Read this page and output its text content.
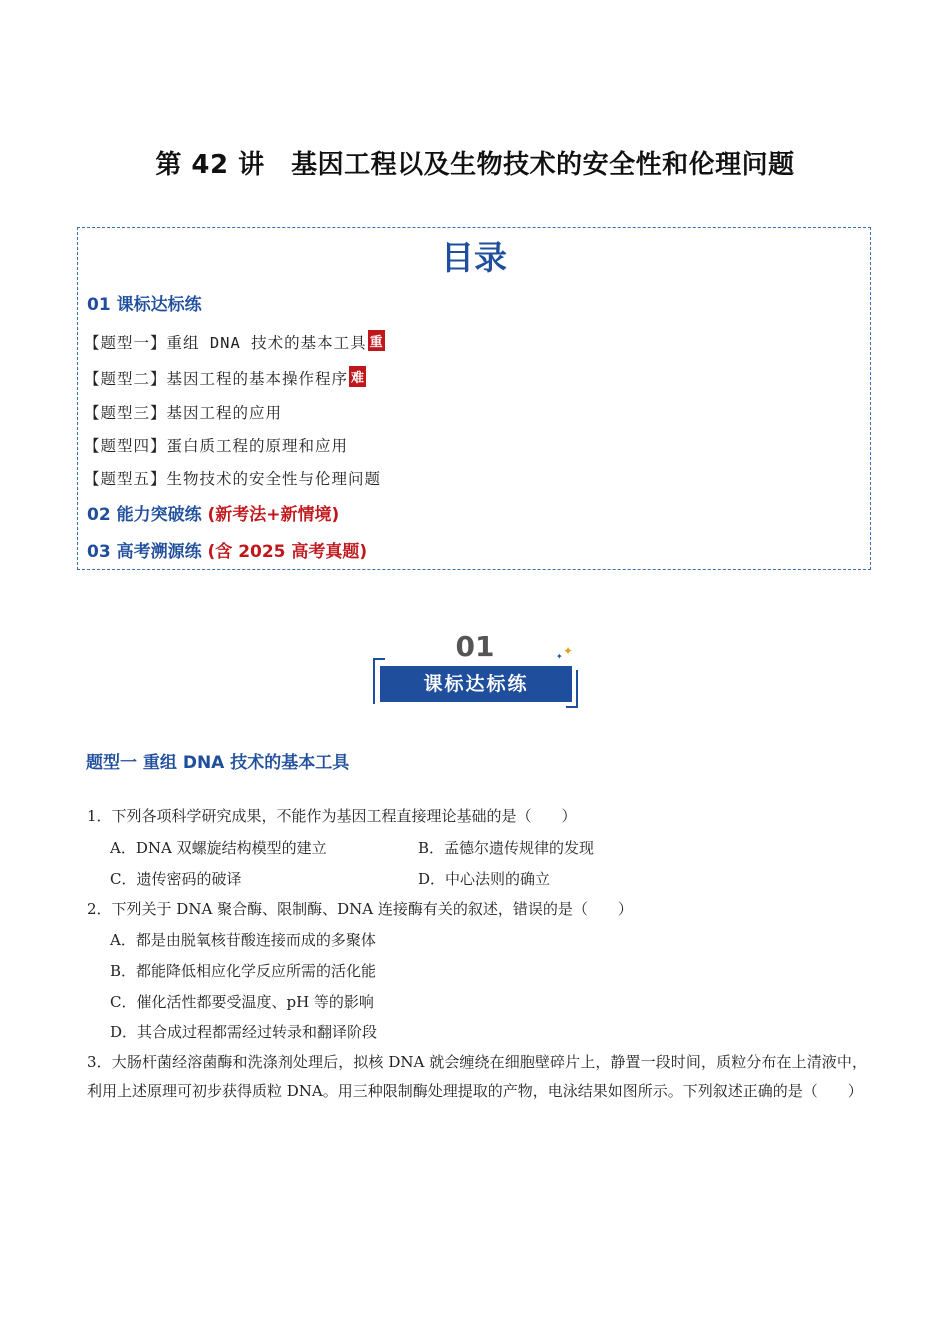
第 42 讲　基因工程以及生物技术的安全性和伦理问题
目录
01 课标达标练
【题型一】重组 DNA 技术的基本工具 重
【题型二】基因工程的基本操作程序 难
【题型三】基因工程的应用
【题型四】蛋白质工程的原理和应用
【题型五】生物技术的安全性与伦理问题
02 能力突破练 (新考法+新情境)
03 高考溯源练 (含 2025 高考真题)
01
课标达标练
✦
✦
题型一 重组 DNA 技术的基本工具
1．下列各项科学研究成果，不能作为基因工程直接理论基础的是（　　）
A．DNA 双螺旋结构模型的建立	B．孟德尔遗传规律的发现
C．遗传密码的破译	D．中心法则的确立
2．下列关于 DNA 聚合酶、限制酶、DNA 连接酶有关的叙述，错误的是（　　）
A．都是由脱氧核苷酸连接而成的多聚体
B．都能降低相应化学反应所需的活化能
C．催化活性都要受温度、pH 等的影响
D．其合成过程都需经过转录和翻译阶段
3．大肠杆菌经溶菌酶和洗涤剂处理后，拟核 DNA 就会缠绕在细胞壁碎片上，静置一段时间，质粒分布在上清液中，利用上述原理可初步获得质粒 DNA。用三种限制酶处理提取的产物，电泳结果如图所示。下列叙述正确的是（　　）
